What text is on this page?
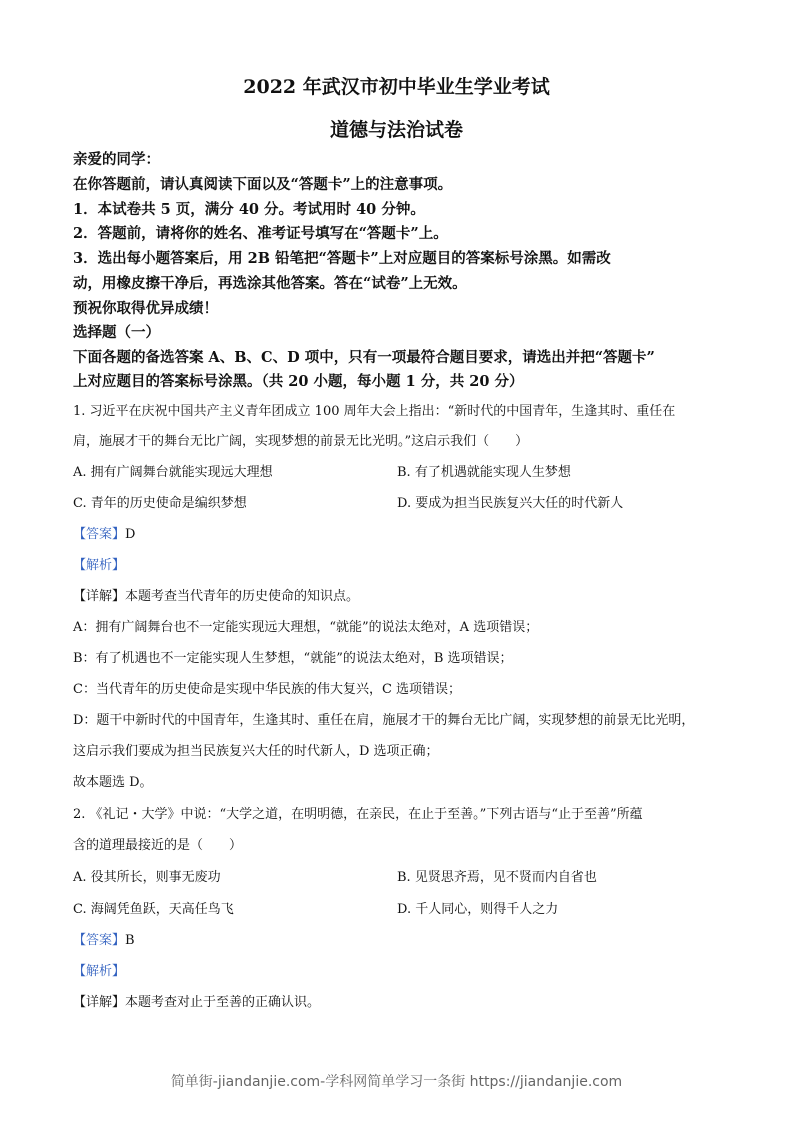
2022 年武汉市初中毕业生学业考试
道德与法治试卷
亲爱的同学：
在你答题前，请认真阅读下面以及“答题卡”上的注意事项。
1．本试卷共 5 页，满分 40 分。考试用时 40 分钟。
2．答题前，请将你的姓名、准考证号填写在“答题卡”上。
3．选出每小题答案后，用 2B 铅笔把“答题卡”上对应题目的答案标号涂黑。如需改
动，用橡皮擦干净后，再选涂其他答案。答在“试卷”上无效。
预祝你取得优异成绩！
选择题（一）
下面各题的备选答案 A、B、C、D 项中，只有一项最符合题目要求，请选出并把“答题卡”
上对应题目的答案标号涂黑。（共 20 小题，每小题 1 分，共 20 分）
1. 习近平在庆祝中国共产主义青年团成立 100 周年大会上指出：“新时代的中国青年，生逢其时、重任在
肩，施展才干的舞台无比广阔，实现梦想的前景无比光明。”这启示我们（　　）
A. 拥有广阔舞台就能实现远大理想	B. 有了机遇就能实现人生梦想
C. 青年的历史使命是编织梦想	D. 要成为担当民族复兴大任的时代新人
【答案】D
【解析】
【详解】本题考查当代青年的历史使命的知识点。
A：拥有广阔舞台也不一定能实现远大理想，“就能”的说法太绝对，A 选项错误；
B：有了机遇也不一定能实现人生梦想，“就能”的说法太绝对，B 选项错误；
C：当代青年的历史使命是实现中华民族的伟大复兴，C 选项错误；
D：题干中新时代的中国青年，生逢其时、重任在肩，施展才干的舞台无比广阔，实现梦想的前景无比光明，
这启示我们要成为担当民族复兴大任的时代新人，D 选项正确；
故本题选 D。
2. 《礼记・大学》中说：“大学之道，在明明德，在亲民，在止于至善。”下列古语与“止于至善”所蕴
含的道理最接近的是（　　）
A. 役其所长，则事无废功	B. 见贤思齐焉，见不贤而内自省也
C. 海阔凭鱼跃，天高任鸟飞	D. 千人同心，则得千人之力
【答案】B
【解析】
【详解】本题考查对止于至善的正确认识。
简单街-jiandanjie.com-学科网简单学习一条街 https://jiandanjie.com
